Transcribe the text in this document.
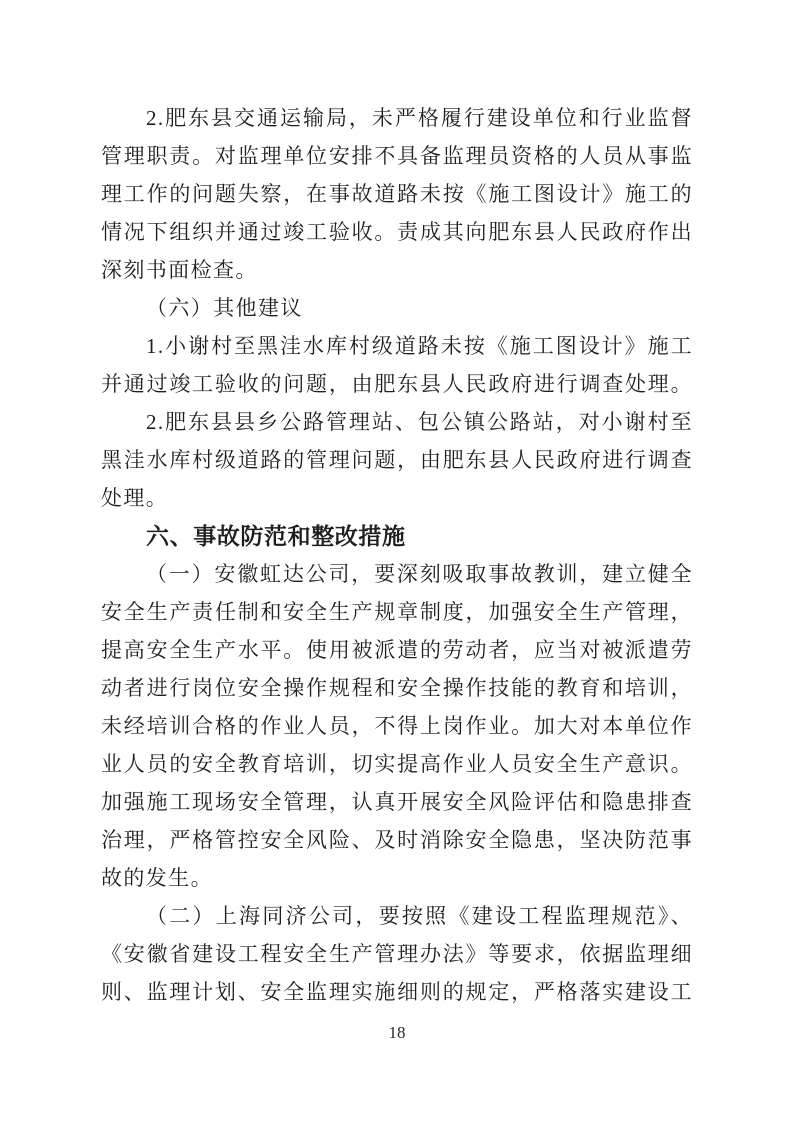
2.肥东县交通运输局，未严格履行建设单位和行业监督
管理职责。对监理单位安排不具备监理员资格的人员从事监
理工作的问题失察，在事故道路未按《施工图设计》施工的
情况下组织并通过竣工验收。责成其向肥东县人民政府作出
深刻书面检查。
（六）其他建议
1.小谢村至黑洼水库村级道路未按《施工图设计》施工
并通过竣工验收的问题，由肥东县人民政府进行调查处理。
2.肥东县县乡公路管理站、包公镇公路站，对小谢村至
黑洼水库村级道路的管理问题，由肥东县人民政府进行调查
处理。
六、事故防范和整改措施
（一）安徽虹达公司，要深刻吸取事故教训，建立健全
安全生产责任制和安全生产规章制度，加强安全生产管理，
提高安全生产水平。使用被派遣的劳动者，应当对被派遣劳
动者进行岗位安全操作规程和安全操作技能的教育和培训，
未经培训合格的作业人员，不得上岗作业。加大对本单位作
业人员的安全教育培训，切实提高作业人员安全生产意识。
加强施工现场安全管理，认真开展安全风险评估和隐患排查
治理，严格管控安全风险、及时消除安全隐患，坚决防范事
故的发生。
（二）上海同济公司，要按照《建设工程监理规范》、
《安徽省建设工程安全生产管理办法》等要求，依据监理细
则、监理计划、安全监理实施细则的规定，严格落实建设工
18
